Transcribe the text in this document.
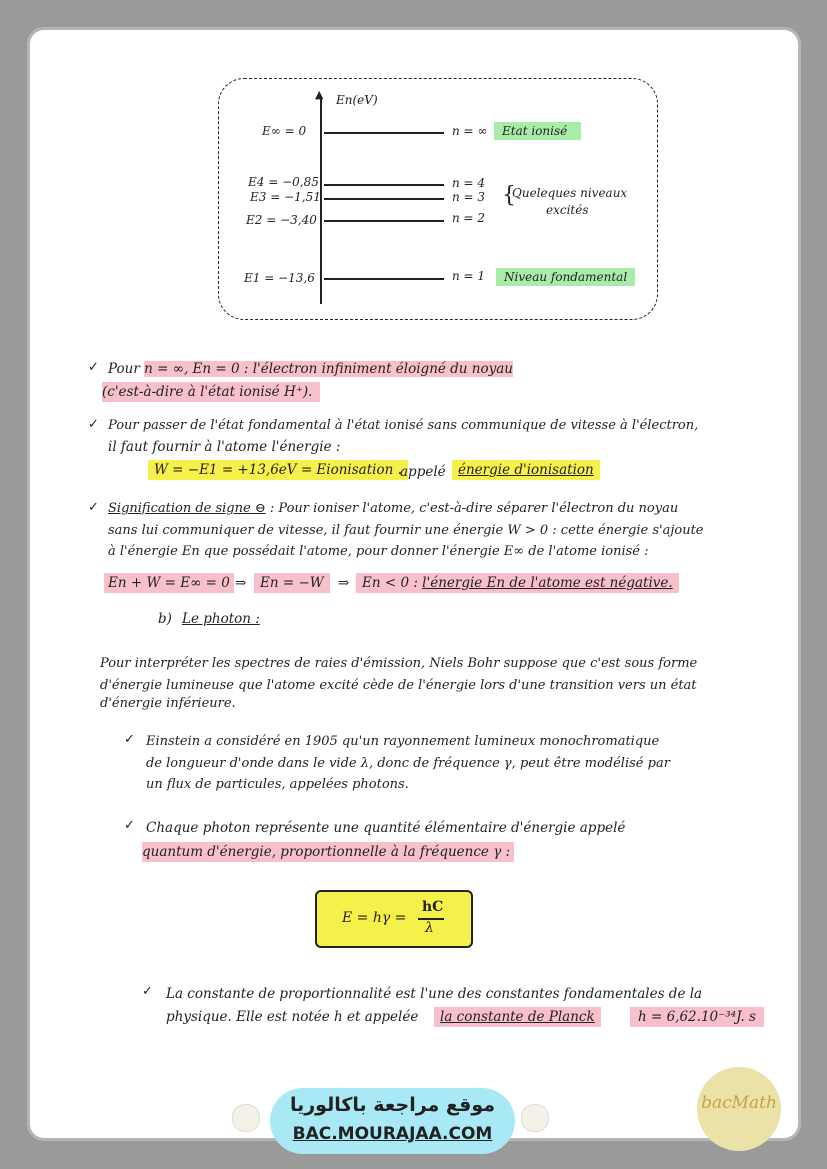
▲ En(eV)
E∞ = 0	n = ∞	Etat ionisé
E4 = −0,85	n = 4
E3 = −1,51	n = 3 {
Queleques niveaux
excités
E2 = −3,40	n = 2
E1 = −13,6	n = 1	Niveau fondamental
✓ Pour n = ∞, En = 0 : l'électron infiniment éloigné du noyau
(c'est-à-dire à l'état ionisé H⁺).
✓ Pour passer de l'état fondamental à l'état ionisé sans communique de vitesse à l'électron,
il faut fournir à l'atome l'énergie :
W = −E1 = +13,6eV = Eionisation .
appelé énergie d'ionisation
✓ Signification de signe ⊖ : Pour ioniser l'atome, c'est-à-dire séparer l'électron du noyau
sans lui communiquer de vitesse, il faut fournir une énergie W > 0 : cette énergie s'ajoute
à l'énergie En que possédait l'atome, pour donner l'énergie E∞ de l'atome ionisé :
En + W = E∞ = 0 ⇒	En = −W	⇒ En < 0 : l'énergie En de l'atome est négative.
b) Le photon :
Pour interpréter les spectres de raies d'émission, Niels Bohr suppose que c'est sous forme
d'énergie lumineuse que l'atome excité cède de l'énergie lors d'une transition vers un état
d'énergie inférieure.
✓ Einstein a considéré en 1905 qu'un rayonnement lumineux monochromatique
de longueur d'onde dans le vide λ, donc de fréquence γ, peut être modélisé par
un flux de particules, appelées photons.
✓ Chaque photon représente une quantité élémentaire d'énergie appelé
quantum d'énergie, proportionnelle à la fréquence γ :
E = hγ =
hC
λ
✓ La constante de proportionnalité est l'une des constantes fondamentales de la
physique. Elle est notée h et appelée	la constante de Planck	h = 6,62.10⁻³⁴J. s
موقع مراجعة باكالوريا
BAC.MOURAJAA.COM
bacMath
